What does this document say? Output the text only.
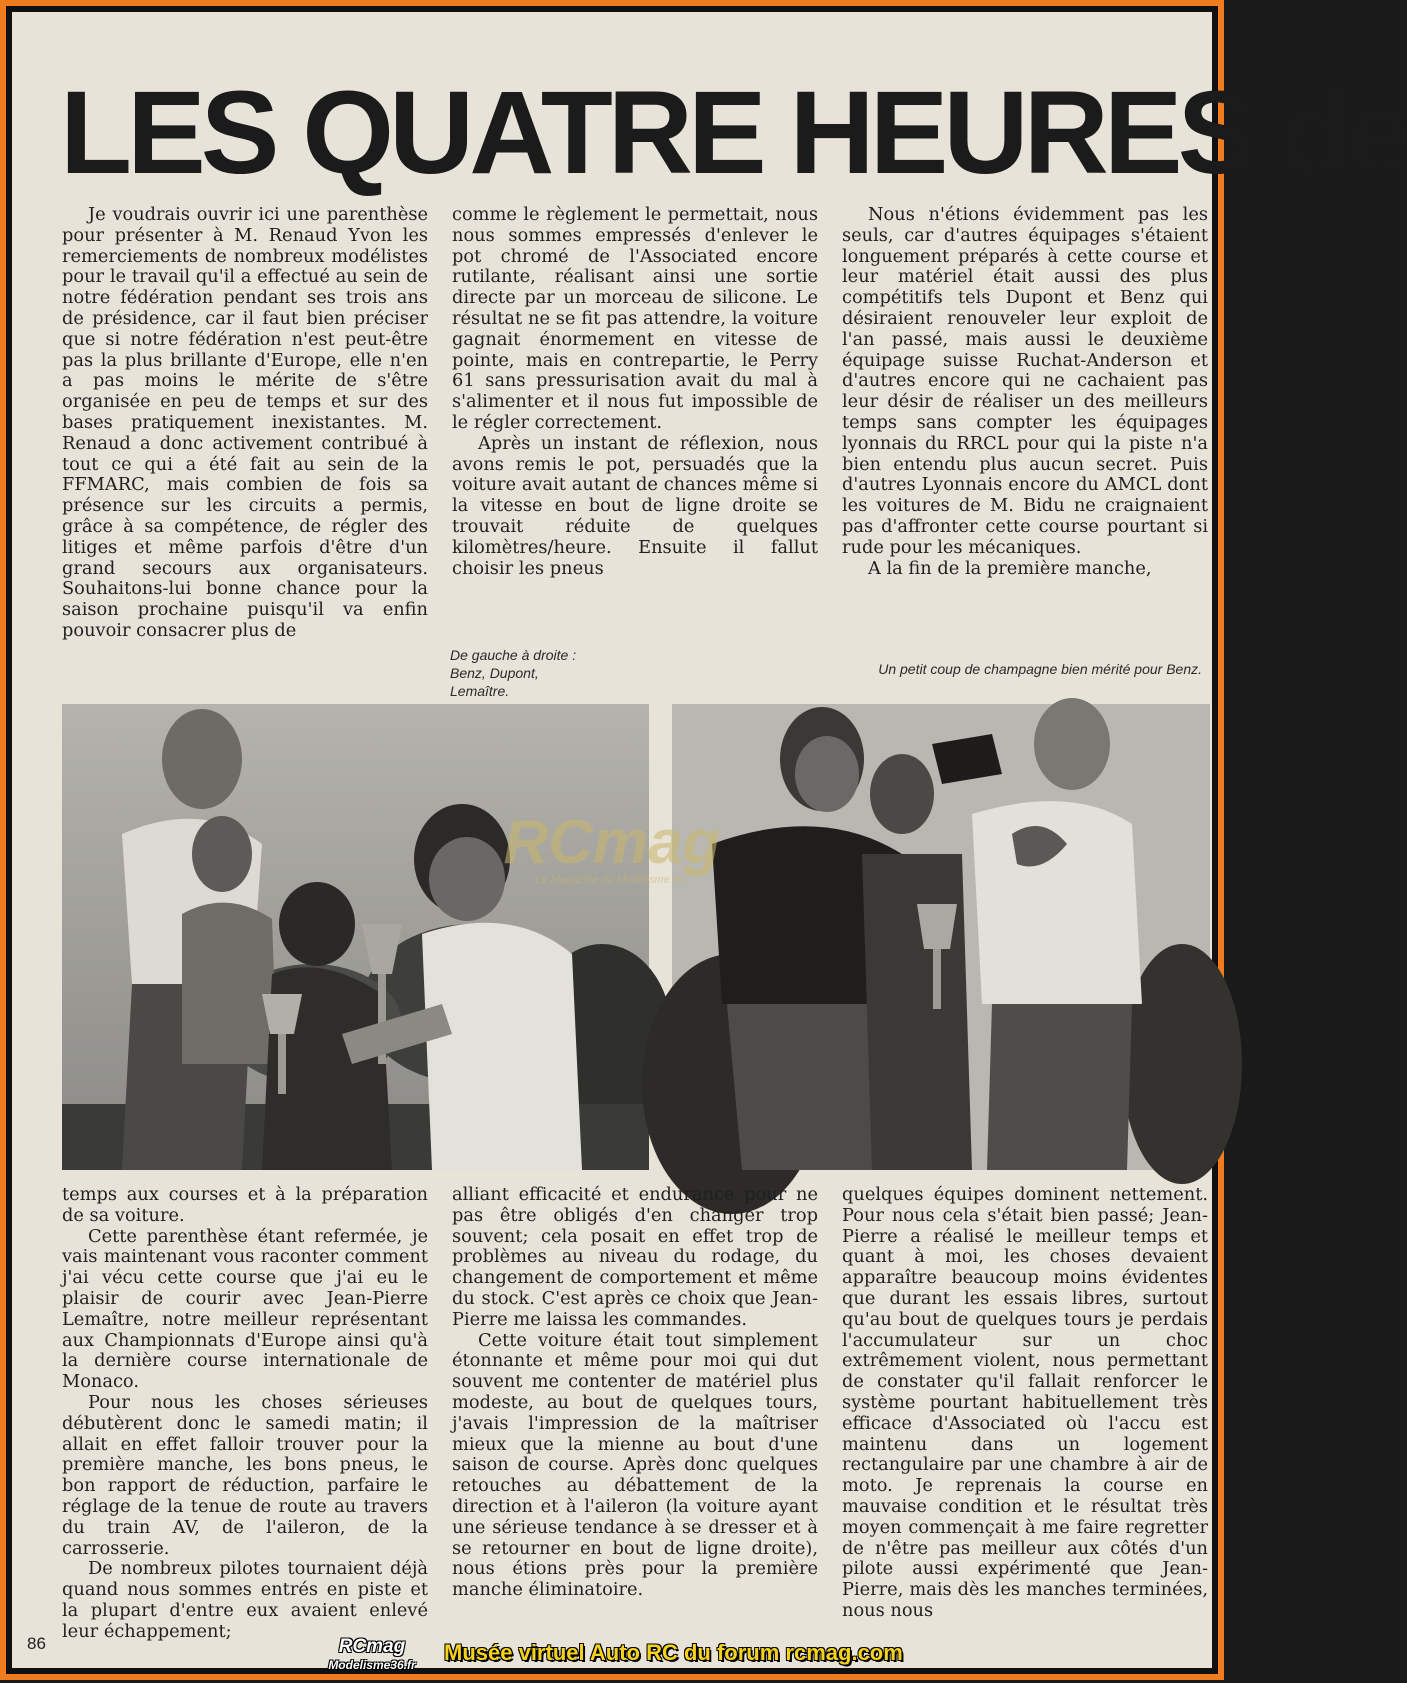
LES QUATRE HEURES de

Je voudrais ouvrir ici une parenthèse pour présenter à M. Renaud Yvon les remerciements de nombreux modélistes pour le travail qu'il a effectué au sein de notre fédération pendant ses trois ans de présidence, car il faut bien préciser que si notre fédération n'est peut-être pas la plus brillante d'Europe, elle n'en a pas moins le mérite de s'être organisée en peu de temps et sur des bases pratiquement inexistantes. M. Renaud a donc activement contribué à tout ce qui a été fait au sein de la FFMARC, mais combien de fois sa présence sur les circuits a permis, grâce à sa compétence, de régler des litiges et même parfois d'être d'un grand secours aux organisateurs. Souhaitons-lui bonne chance pour la saison prochaine puisqu'il va enfin pouvoir consacrer plus de

comme le règlement le permettait, nous nous sommes empressés d'enlever le pot chromé de l'Associated encore rutilante, réalisant ainsi une sortie directe par un morceau de silicone. Le résultat ne se fit pas attendre, la voiture gagnait énormement en vitesse de pointe, mais en contrepartie, le Perry 61 sans pressurisation avait du mal à s'alimenter et il nous fut impossible de le régler correctement.

Après un instant de réflexion, nous avons remis le pot, persuadés que la voiture avait autant de chances même si la vitesse en bout de ligne droite se trouvait réduite de quelques kilomètres/heure. Ensuite il fallut choisir les pneus

Nous n'étions évidemment pas les seuls, car d'autres équipages s'étaient longuement préparés à cette course et leur matériel était aussi des plus compétitifs tels Dupont et Benz qui désiraient renouveler leur exploit de l'an passé, mais aussi le deuxième équipage suisse Ruchat-Anderson et d'autres encore qui ne cachaient pas leur désir de réaliser un des meilleurs temps sans compter les équipages lyonnais du RRCL pour qui la piste n'a bien entendu plus aucun secret. Puis d'autres Lyonnais encore du AMCL dont les voitures de M. Bidu ne craignaient pas d'affronter cette course pourtant si rude pour les mécaniques.

A la fin de la première manche,

De gauche à droite :
Benz, Dupont,
Lemaître.
Un petit coup de champagne bien mérité pour Benz.
RCmag
Le Magazine du Modélisme RC

temps aux courses et à la préparation de sa voiture.

Cette parenthèse étant refermée, je vais maintenant vous raconter comment j'ai vécu cette course que j'ai eu le plaisir de courir avec Jean-Pierre Lemaître, notre meilleur représentant aux Championnats d'Europe ainsi qu'à la dernière course internationale de Monaco.

Pour nous les choses sérieuses débutèrent donc le samedi matin; il allait en effet falloir trouver pour la première manche, les bons pneus, le bon rapport de réduction, parfaire le réglage de la tenue de route au travers du train AV, de l'aileron, de la carrosserie.

De nombreux pilotes tournaient déjà quand nous sommes entrés en piste et la plupart d'entre eux avaient enlevé leur échappement;

alliant efficacité et endurance pour ne pas être obligés d'en changer trop souvent; cela posait en effet trop de problèmes au niveau du rodage, du changement de comportement et même du stock. C'est après ce choix que Jean-Pierre me laissa les commandes.

Cette voiture était tout simplement étonnante et même pour moi qui dut souvent me contenter de matériel plus modeste, au bout de quelques tours, j'avais l'impression de la maîtriser mieux que la mienne au bout d'une saison de course. Après donc quelques retouches au débattement de la direction et à l'aileron (la voiture ayant une sérieuse tendance à se dresser et à se retourner en bout de ligne droite), nous étions près pour la première manche éliminatoire.

quelques équipes dominent nettement. Pour nous cela s'était bien passé; Jean-Pierre a réalisé le meilleur temps et quant à moi, les choses devaient apparaître beaucoup moins évidentes que durant les essais libres, surtout qu'au bout de quelques tours je perdais l'accumulateur sur un choc extrêmement violent, nous permettant de constater qu'il fallait renforcer le système pourtant habituellement très efficace d'Associated où l'accu est maintenu dans un logement rectangulaire par une chambre à air de moto. Je reprenais la course en mauvaise condition et le résultat très moyen commençait à me faire regretter de n'être pas meilleur aux côtés d'un pilote aussi expérimenté que Jean-Pierre, mais dès les manches terminées, nous nous

86	RCmag
Modelisme36.fr Musée virtuel Auto RC du forum rcmag.com
